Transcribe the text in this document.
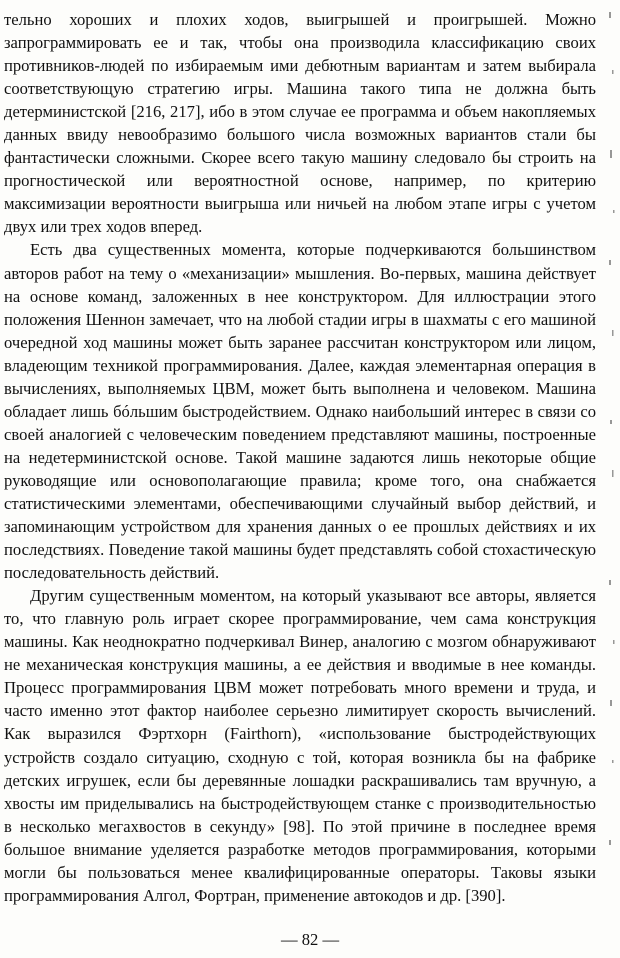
тельно хороших и плохих ходов, выигрышей и проигрышей. Можно запрограммировать ее и так, чтобы она производила классификацию своих противников-людей по избираемым ими дебютным вариантам и затем выбирала соответствующую стратегию игры. Машина такого типа не должна быть детерминистской [216, 217], ибо в этом случае ее программа и объем накопляемых данных ввиду невообразимо большого числа возможных вариантов стали бы фантастически сложными. Скорее всего такую машину следовало бы строить на прогностической или вероятностной основе, например, по критерию максимизации вероятности выигрыша или ничьей на любом этапе игры с учетом двух или трех ходов вперед.

Есть два существенных момента, которые подчеркиваются большинством авторов работ на тему о «механизации» мышления. Во-первых, машина действует на основе команд, заложенных в нее конструктором. Для иллюстрации этого положения Шеннон замечает, что на любой стадии игры в шахматы с его машиной очередной ход машины может быть заранее рассчитан конструктором или лицом, владеющим техникой программирования. Далее, каждая элементарная операция в вычислениях, выполняемых ЦВМ, может быть выполнена и человеком. Машина обладает лишь бóльшим быстродействием. Однако наибольший интерес в связи со своей аналогией с человеческим поведением представляют машины, построенные на недетерминистской основе. Такой машине задаются лишь некоторые общие руководящие или основополагающие правила; кроме того, она снабжается статистическими элементами, обеспечивающими случайный выбор действий, и запоминающим устройством для хранения данных о ее прошлых действиях и их последствиях. Поведение такой машины будет представлять собой стохастическую последовательность действий.

Другим существенным моментом, на который указывают все авторы, является то, что главную роль играет скорее программирование, чем сама конструкция машины. Как неоднократно подчеркивал Винер, аналогию с мозгом обнаруживают не механическая конструкция машины, а ее действия и вводимые в нее команды. Процесс программирования ЦВМ может потребовать много времени и труда, и часто именно этот фактор наиболее серьезно лимитирует скорость вычислений. Как выразился Фэртхорн (Fairthorn), «использование быстродействующих устройств создало ситуацию, сходную с той, которая возникла бы на фабрике детских игрушек, если бы деревянные лошадки раскрашивались там вручную, а хвосты им приделывались на быстродействующем станке с производительностью в несколько мегахвостов в секунду» [98]. По этой причине в последнее время большое внимание уделяется разработке методов программирования, которыми могли бы пользоваться менее квалифицированные операторы. Таковы языки программирования Алгол, Фортран, применение автокодов и др. [390].

— 82 —
